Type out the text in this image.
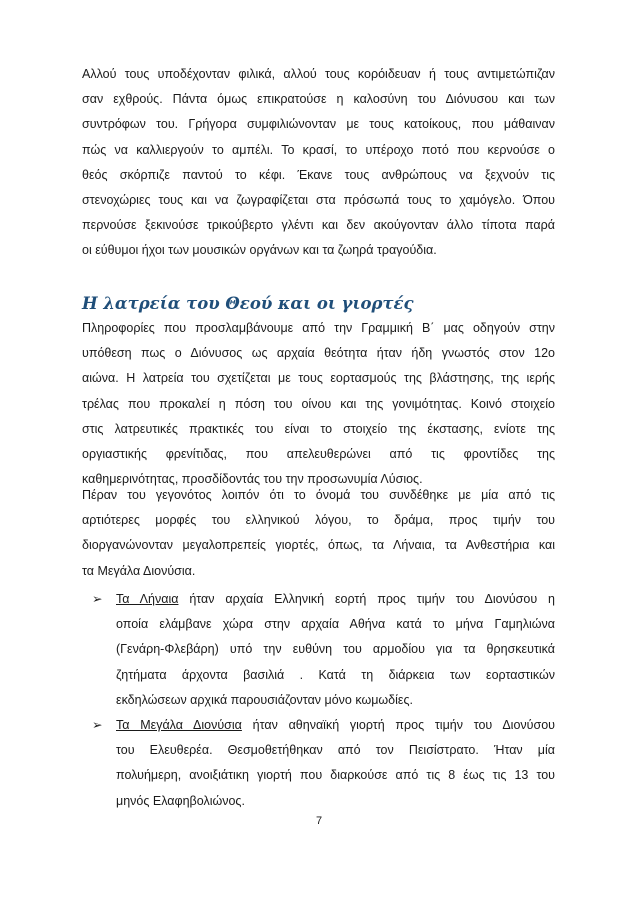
Αλλού τους υποδέχονταν φιλικά, αλλού τους κορόιδευαν ή τους αντιμετώπιζαν
σαν εχθρούς. Πάντα όμως επικρατούσε η καλοσύνη του Διόνυσου και των
συντρόφων του. Γρήγορα συμφιλιώνονταν με τους κατοίκους, που μάθαιναν
πώς να καλλιεργούν το αμπέλι. Το κρασί, το υπέροχο ποτό που κερνούσε ο
θεός σκόρπιζε παντού το κέφι. Έκανε τους ανθρώπους να ξεχνούν τις
στενοχώριες τους και να ζωγραφίζεται στα πρόσωπά τους το χαμόγελο. Όπου
περνούσε ξεκινούσε τρικούβερτο γλέντι και δεν ακούγονταν άλλο τίποτα παρά
οι εύθυμοι ήχοι των μουσικών οργάνων και τα ζωηρά τραγούδια.

Η λατρεία του Θεού και οι γιορτές

Πληροφορίες που προσλαμβάνουμε από την Γραμμική Β΄ μας οδηγούν στην
υπόθεση πως ο Διόνυσος ως αρχαία θεότητα ήταν ήδη γνωστός στον 12ο
αιώνα. Η λατρεία του σχετίζεται με τους εορτασμούς της βλάστησης, της ιερής
τρέλας που προκαλεί η πόση του οίνου και της γονιμότητας. Κοινό στοιχείο
στις λατρευτικές πρακτικές του είναι το στοιχείο της έκστασης, ενίοτε της
οργιαστικής φρενίτιδας, που απελευθερώνει από τις φροντίδες της
καθημερινότητας, προσδίδοντάς του την προσωνυμία Λύσιος.

Πέραν του γεγονότος λοιπόν ότι το όνομά του συνδέθηκε με μία από τις
αρτιότερες μορφές του ελληνικού λόγου, το δράμα, προς τιμήν του
διοργανώνονταν μεγαλοπρεπείς γιορτές, όπως, τα Λήναια, τα Ανθεστήρια και
τα Μεγάλα Διονύσια.

➢ Τα Λήναια ήταν αρχαία Ελληνική εορτή προς τιμήν του Διονύσου η
οποία ελάμβανε χώρα στην αρχαία Αθήνα κατά το μήνα Γαμηλιώνα
(Γενάρη-Φλεβάρη) υπό την ευθύνη του αρμοδίου για τα θρησκευτικά
ζητήματα άρχοντα βασιλιά . Κατά τη διάρκεια των εορταστικών
εκδηλώσεων αρχικά παρουσιάζονταν μόνο κωμωδίες.

➢ Τα Μεγάλα Διονύσια ήταν αθηναϊκή γιορτή προς τιμήν του Διονύσου
του Ελευθερέα. Θεσμοθετήθηκαν από τον Πεισίστρατο. Ήταν μία
πολυήμερη, ανοιξιάτικη γιορτή που διαρκούσε από τις 8 έως τις 13 του
μηνός Ελαφηβολιώνος.

7
